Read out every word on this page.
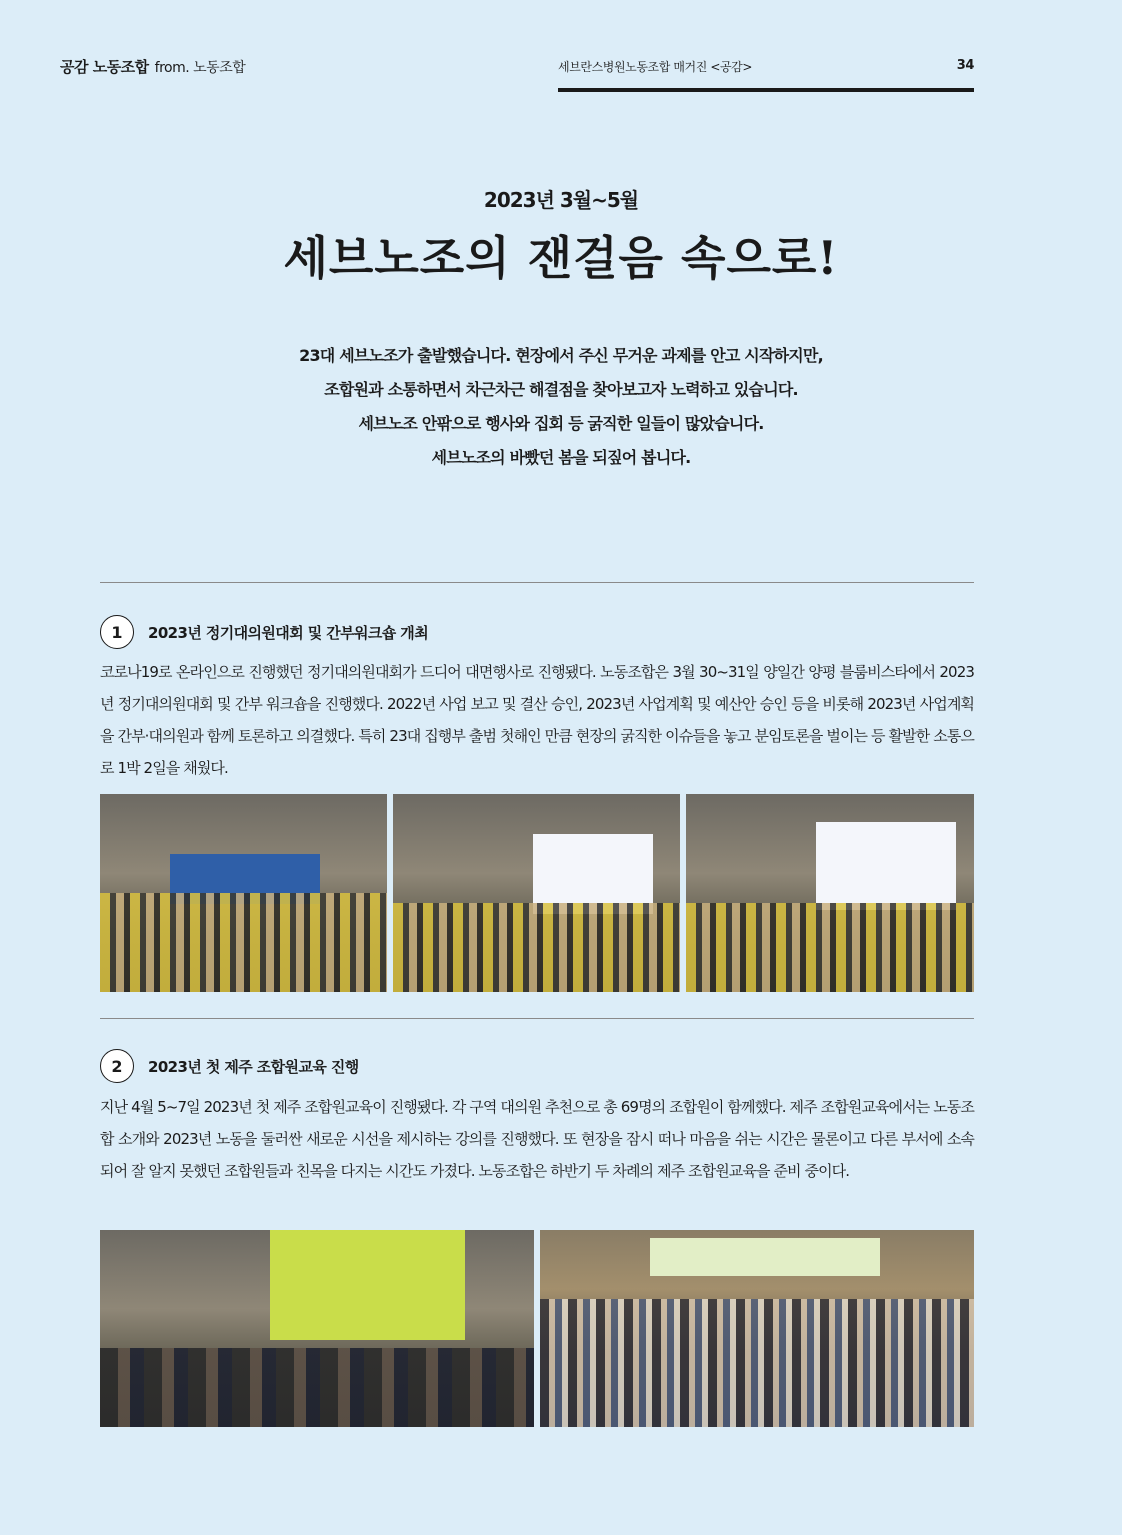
공감 노동조합 from. 노동조합	세브란스병원노동조합 매거진 <공감>	34
2023년 3월~5월
세브노조의 잰걸음 속으로!
23대 세브노조가 출발했습니다. 현장에서 주신 무거운 과제를 안고 시작하지만,
조합원과 소통하면서 차근차근 해결점을 찾아보고자 노력하고 있습니다.
세브노조 안팎으로 행사와 집회 등 굵직한 일들이 많았습니다.
세브노조의 바빴던 봄을 되짚어 봅니다.
1	2023년 정기대의원대회 및 간부워크숍 개최
코로나19로 온라인으로 진행했던 정기대의원대회가 드디어 대면행사로 진행됐다. 노동조합은 3월 30~31일 양일간 양평 블룸비스타에서 2023년 정기대의원대회 및 간부 워크숍을 진행했다. 2022년 사업 보고 및 결산 승인, 2023년 사업계획 및 예산안 승인 등을 비롯해 2023년 사업계획을 간부·대의원과 함께 토론하고 의결했다. 특히 23대 집행부 출범 첫해인 만큼 현장의 굵직한 이슈들을 놓고 분임토론을 벌이는 등 활발한 소통으로 1박 2일을 채웠다.
2	2023년 첫 제주 조합원교육 진행
지난 4월 5~7일 2023년 첫 제주 조합원교육이 진행됐다. 각 구역 대의원 추천으로 총 69명의 조합원이 함께했다. 제주 조합원교육에서는 노동조합 소개와 2023년 노동을 둘러싼 새로운 시선을 제시하는 강의를 진행했다. 또 현장을 잠시 떠나 마음을 쉬는 시간은 물론이고 다른 부서에 소속되어 잘 알지 못했던 조합원들과 친목을 다지는 시간도 가졌다. 노동조합은 하반기 두 차례의 제주 조합원교육을 준비 중이다.
